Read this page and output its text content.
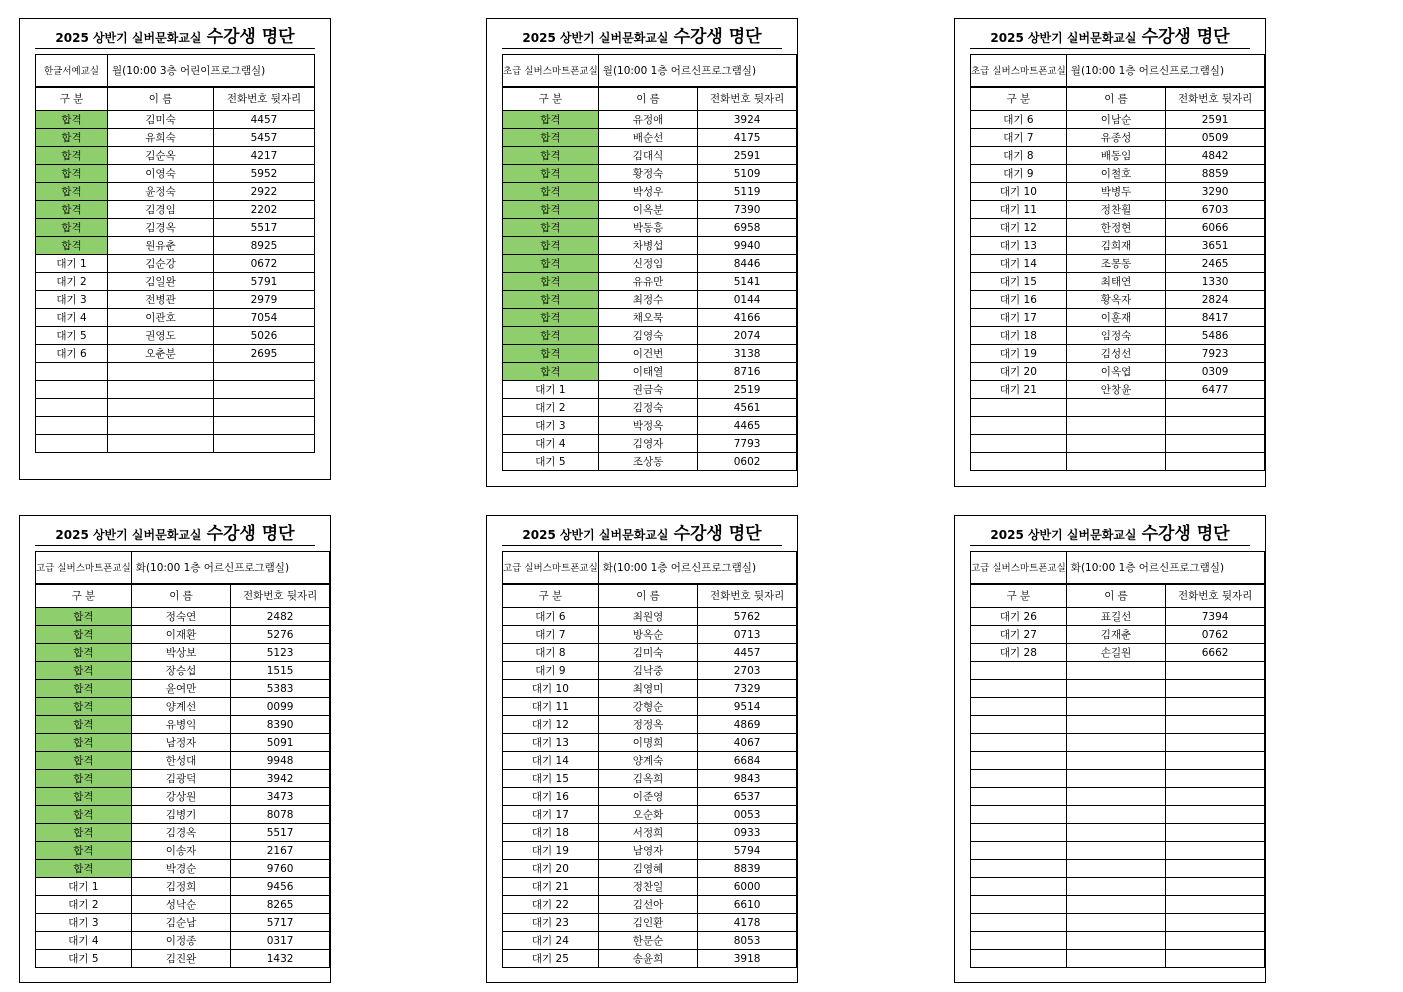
2025 상반기 실버문화교실 수강생 명단
한글서예교실	월(10:00 3층 어린이프로그램실)	
구 분	이 름	전화번호 뒷자리
합격	김미숙	4457
합격	유희숙	5457
합격	김순옥	4217
합격	이영숙	5952
합격	윤정숙	2922
합격	김경임	2202
합격	김경옥	5517
합격	원유춘	8925
대기 1	김순강	0672
대기 2	김일완	5791
대기 3	전병관	2979
대기 4	이관호	7054
대기 5	권영도	5026
대기 6	오춘분	2695

2025 상반기 실버문화교실 수강생 명단
초급 실버스마트폰교실	월(10:00 1층 어르신프로그램실)	
구 분	이 름	전화번호 뒷자리
합격	유정애	3924
합격	배순선	4175
합격	김대식	2591
합격	황정숙	5109
합격	박성우	5119
합격	이옥분	7390
합격	박동흥	6958
합격	차병섭	9940
합격	신정임	8446
합격	유유만	5141
합격	최정수	0144
합격	채오묵	4166
합격	김영숙	2074
합격	이건번	3138
합격	이태열	8716
대기 1	권금숙	2519
대기 2	김정숙	4561
대기 3	박정옥	4465
대기 4	김영자	7793
대기 5	조상동	0602
2025 상반기 실버문화교실 수강생 명단
초급 실버스마트폰교실	월(10:00 1층 어르신프로그램실)	
구 분	이 름	전화번호 뒷자리
대기 6	이남순	2591
대기 7	유종성	0509
대기 8	배동임	4842
대기 9	이철호	8859
대기 10	박병두	3290
대기 11	정찬휠	6703
대기 12	한정현	6066
대기 13	김희재	3651
대기 14	조몽동	2465
대기 15	최태연	1330
대기 16	황옥자	2824
대기 17	이훈재	8417
대기 18	임정숙	5486
대기 19	김성선	7923
대기 20	이옥엽	0309
대기 21	안창윤	6477

2025 상반기 실버문화교실 수강생 명단
고급 실버스마트폰교실	화(10:00 1층 어르신프로그램실)	
구 분	이 름	전화번호 뒷자리
합격	정숙연	2482
합격	이재환	5276
합격	박상보	5123
합격	장승섭	1515
합격	윤여만	5383
합격	양계선	0099
합격	유병익	8390
합격	남정자	5091
합격	한성대	9948
합격	김광덕	3942
합격	강상원	3473
합격	김병기	8078
합격	김경옥	5517
합격	이송자	2167
합격	박경순	9760
대기 1	김정희	9456
대기 2	성낙순	8265
대기 3	김순남	5717
대기 4	이정종	0317
대기 5	김진완	1432
2025 상반기 실버문화교실 수강생 명단
고급 실버스마트폰교실	화(10:00 1층 어르신프로그램실)	
구 분	이 름	전화번호 뒷자리
대기 6	최원영	5762
대기 7	방옥순	0713
대기 8	김미숙	4457
대기 9	김낙중	2703
대기 10	최영미	7329
대기 11	강형순	9514
대기 12	정정옥	4869
대기 13	이명희	4067
대기 14	양계숙	6684
대기 15	김옥희	9843
대기 16	이준영	6537
대기 17	오순화	0053
대기 18	서정희	0933
대기 19	남영자	5794
대기 20	김영혜	8839
대기 21	정찬일	6000
대기 22	김선아	6610
대기 23	김인환	4178
대기 24	한문순	8053
대기 25	송윤희	3918
2025 상반기 실버문화교실 수강생 명단
고급 실버스마트폰교실	화(10:00 1층 어르신프로그램실)	
구 분	이 름	전화번호 뒷자리
대기 26	표길선	7394
대기 27	김재춘	0762
대기 28	손길원	6662
